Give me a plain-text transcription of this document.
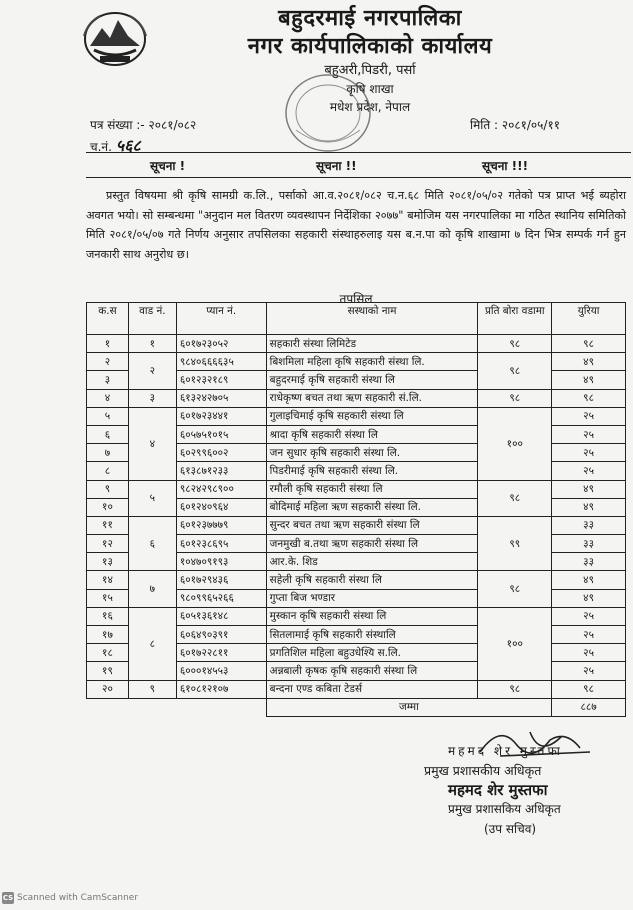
बहुदरमाई नगरपालिका
नगर कार्यपालिकाको कार्यालय
बहुअरी,पिडरी, पर्सा
कृषि शाखा
मधेश प्रदेश, नेपाल
पत्र संख्या :- २०८१/०८२
च.नं. ५६८
मिति : २०८१/०५/११
सूचना !	सूचना !!	सूचना !!!

प्रस्तुत विषयमा श्री कृषि सामग्री क.लि., पर्साको आ.व.२०८१/०८२ च.न.६८ मिति २०८१/०५/०२ गतेको पत्र प्राप्त भई ब्यहोरा अवगत भयो। सो सम्बन्धमा "अनुदान मल वितरण व्यवस्थापन निर्देशिका २०७७" बमोजिम यस नगरपालिका मा गठित स्थानिय समितिको मिति २०८१/०५/०७ गते निर्णय अनुसार तपसिलका सहकारी संस्थाहरुलाइ यस ब.न.पा को कृषि शाखामा ७ दिन भित्र सम्पर्क गर्न हुन जनकारी साथ अनुरोध छ।

तपसिल
क.स	वाड नं.	प्यान नं.	सस्थाको नाम	प्रति बोरा वडामा	युरिया
१	१	६०१७२३०५२	सहकारी संस्था लिमिटेड	९८	९८
२	२	९८४०६६६६३५	बिशमिला महिला कृषि सहकारी संस्था लि.	९८	४९
३		६०१२३२१८९	बहुदरमाई कृषि सहकारी संस्था लि		४९
४	३	६१३२४२७०५	राधेकृष्ण बचत तथा ऋण सहकारी सं.लि.	९८	९८
५	४	६०१७२३४४१	गुलाइचिमाई कृषि सहकारी संस्था लि	१००	२५
६		६०५७५१०१५	श्रादा कृषि सहकारी संस्था लि		२५
७		६०२९९६००२	जन सुधार कृषि सहकारी संस्था लि.		२५
८		६१३८७१२३३	पिडरीमाई कृषि सहकारी संस्था लि.		२५
९	५	९८२४२९८९००	रमौली कृषि सहकारी संस्था लि	९८	४९
१०		६०१२४०९६४	बोदिमाई महिला ऋण सहकारी संस्था लि.		४९
११	६	६०१२३७७७९	सुन्दर बचत तथा ऋण सहकारी संस्था लि	९९	३३
१२		६०१२३८६९५	जनमुखी ब.तथा ऋण सहकारी संस्था लि		३३
१३		१०४७०९१९३	आर.के. शिड		३३
१४	७	६०१७२९४३६	सहेली कृषि सहकारी संस्था लि	९८	४९
१५		९८०९९६५२६६	गुप्ता बिज भण्डार		४९
१६	८	६०५१३६१४८	मुस्कान कृषि सहकारी संस्था लि	१००	२५
१७		६०६४९०३९१	सितलामाई कृषि सहकारी संस्थालि		२५
१८		६०१७२२८११	प्रगतिशिल महिला बहुउधेश्यि स.लि.		२५
१९		६०००१४५५३	अन्नबाली कृषक कृषि सहकारी संस्था लि		२५
२०	९	६१०८१२१०७	बन्दना एण्ड कबिता टेडर्स	९८	९८
			जम्मा		८८७
महमद शेर मुस्तफा
प्रमुख प्रशासकीय अधिकृत
महमद शेर मुस्तफा
प्रमुख प्रशासकिय अधिकृत
(उप सचिव)
CS Scanned with CamScanner
